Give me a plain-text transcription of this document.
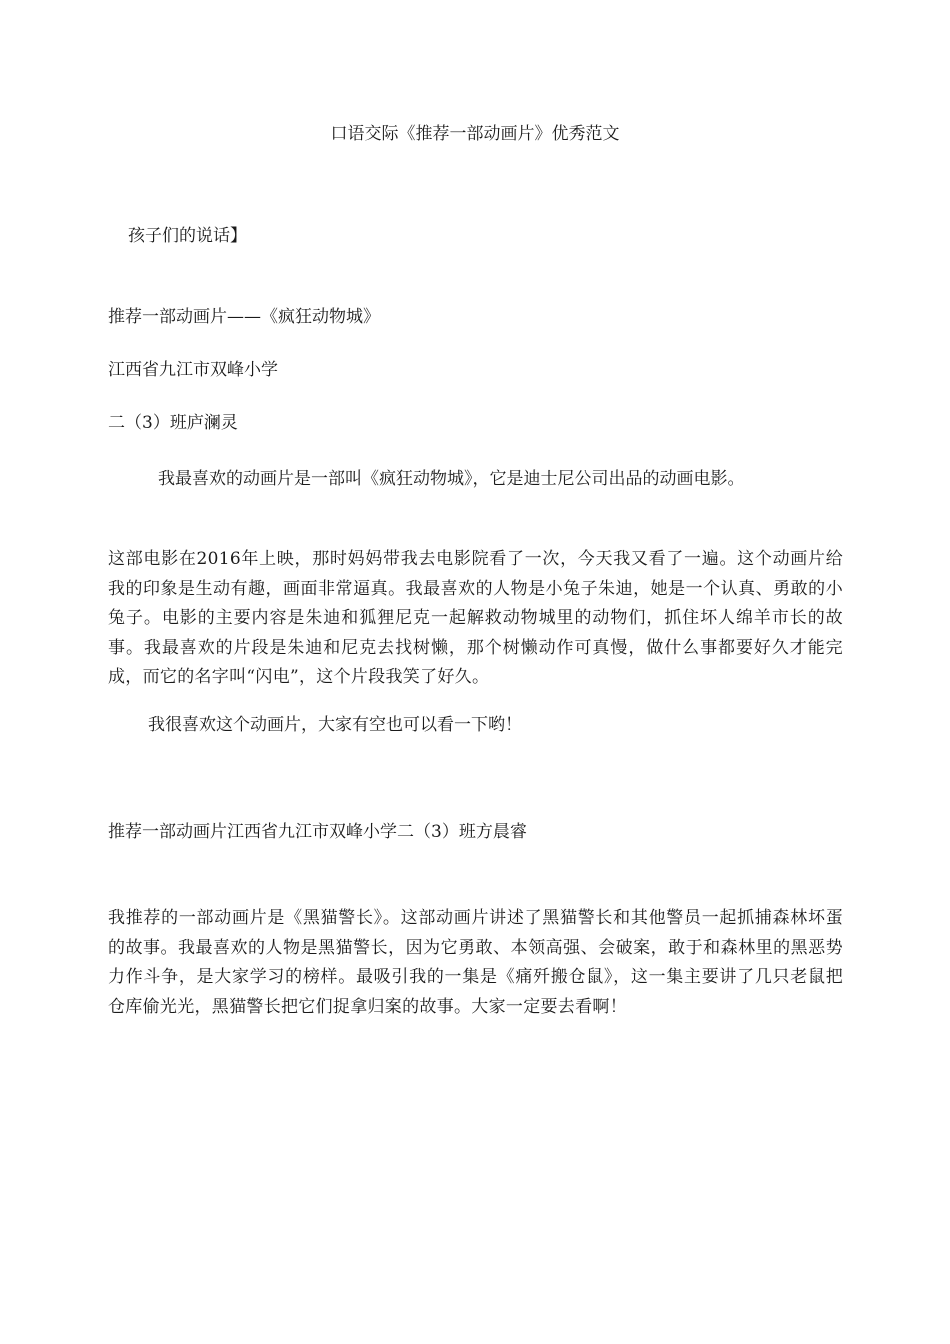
口语交际《推荐一部动画片》优秀范文
孩子们的说话】
推荐一部动画片——《疯狂动物城》
江西省九江市双峰小学
二（3）班庐澜灵
我最喜欢的动画片是一部叫《疯狂动物城》，它是迪士尼公司出品的动画电影。
这部电影在2016年上映，那时妈妈带我去电影院看了一次，今天我又看了一遍。这个动画片给我的印象是生动有趣，画面非常逼真。我最喜欢的人物是小兔子朱迪，她是一个认真、勇敢的小兔子。电影的主要内容是朱迪和狐狸尼克一起解救动物城里的动物们，抓住坏人绵羊市长的故事。我最喜欢的片段是朱迪和尼克去找树懒，那个树懒动作可真慢，做什么事都要好久才能完成，而它的名字叫“闪电”，这个片段我笑了好久。
我很喜欢这个动画片，大家有空也可以看一下哟！
推荐一部动画片江西省九江市双峰小学二（3）班方晨睿
我推荐的一部动画片是《黑猫警长》。这部动画片讲述了黑猫警长和其他警员一起抓捕森林坏蛋的故事。我最喜欢的人物是黑猫警长，因为它勇敢、本领高强、会破案，敢于和森林里的黑恶势力作斗争，是大家学习的榜样。最吸引我的一集是《痛歼搬仓鼠》，这一集主要讲了几只老鼠把仓库偷光光，黑猫警长把它们捉拿归案的故事。大家一定要去看啊！
